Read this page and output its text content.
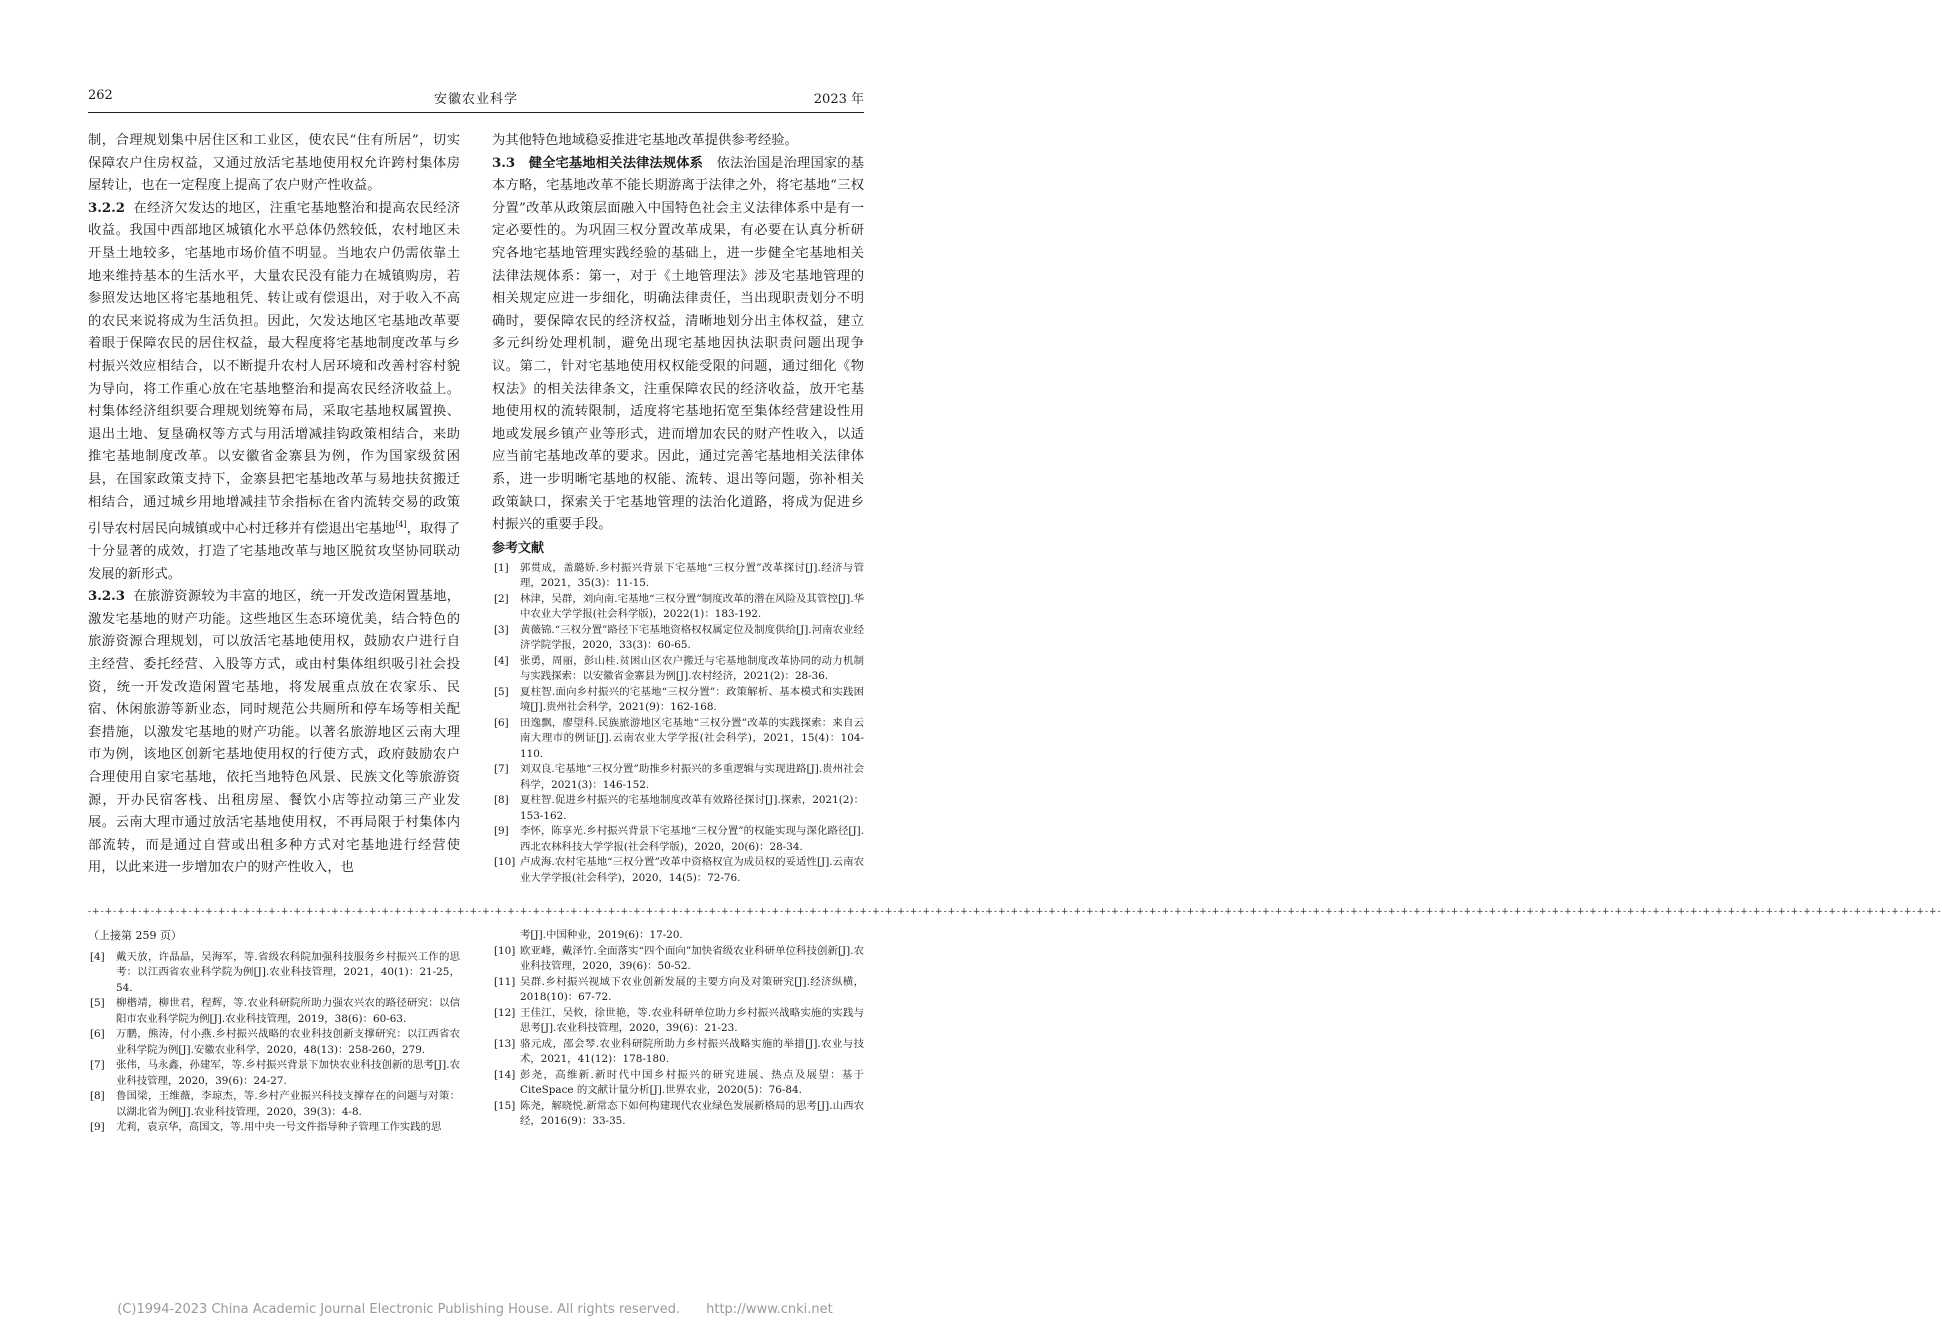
262	安徽农业科学	2023 年

制，合理规划集中居住区和工业区，使农民“住有所居”，切实保障农户住房权益，又通过放活宅基地使用权允许跨村集体房屋转让，也在一定程度上提高了农户财产性收益。

3.2.2 在经济欠发达的地区，注重宅基地整治和提高农民经济收益。我国中西部地区城镇化水平总体仍然较低，农村地区未开垦土地较多，宅基地市场价值不明显。当地农户仍需依靠土地来维持基本的生活水平，大量农民没有能力在城镇购房，若参照发达地区将宅基地租凭、转让或有偿退出，对于收入不高的农民来说将成为生活负担。因此，欠发达地区宅基地改革要着眼于保障农民的居住权益，最大程度将宅基地制度改革与乡村振兴效应相结合，以不断提升农村人居环境和改善村容村貌为导向，将工作重心放在宅基地整治和提高农民经济收益上。村集体经济组织要合理规划统筹布局，采取宅基地权属置换、退出土地、复垦确权等方式与用活增减挂钩政策相结合，来助推宅基地制度改革。以安徽省金寨县为例，作为国家级贫困县，在国家政策支持下，金寨县把宅基地改革与易地扶贫搬迁相结合，通过城乡用地增减挂节余指标在省内流转交易的政策引导农村居民向城镇或中心村迁移并有偿退出宅基地[4]，取得了十分显著的成效，打造了宅基地改革与地区脱贫攻坚协同联动发展的新形式。

3.2.3 在旅游资源较为丰富的地区，统一开发改造闲置基地，激发宅基地的财产功能。这些地区生态环境优美，结合特色的旅游资源合理规划，可以放活宅基地使用权，鼓励农户进行自主经营、委托经营、入股等方式，或由村集体组织吸引社会投资，统一开发改造闲置宅基地，将发展重点放在农家乐、民宿、休闲旅游等新业态，同时规范公共厕所和停车场等相关配套措施，以激发宅基地的财产功能。以著名旅游地区云南大理市为例，该地区创新宅基地使用权的行使方式，政府鼓励农户合理使用自家宅基地，依托当地特色风景、民族文化等旅游资源，开办民宿客栈、出租房屋、餐饮小店等拉动第三产业发展。云南大理市通过放活宅基地使用权，不再局限于村集体内部流转，而是通过自营或出租多种方式对宅基地进行经营使用，以此来进一步增加农户的财产性收入，也

为其他特色地域稳妥推进宅基地改革提供参考经验。

3.3　健全宅基地相关法律法规体系　依法治国是治理国家的基本方略，宅基地改革不能长期游离于法律之外，将宅基地“三权分置”改革从政策层面融入中国特色社会主义法律体系中是有一定必要性的。为巩固三权分置改革成果，有必要在认真分析研究各地宅基地管理实践经验的基础上，进一步健全宅基地相关法律法规体系：第一，对于《土地管理法》涉及宅基地管理的相关规定应进一步细化，明确法律责任，当出现职责划分不明确时，要保障农民的经济权益，清晰地划分出主体权益，建立多元纠纷处理机制，避免出现宅基地因执法职责问题出现争议。第二，针对宅基地使用权权能受限的问题，通过细化《物权法》的相关法律条文，注重保障农民的经济收益，放开宅基地使用权的流转限制，适度将宅基地拓宽至集体经营建设性用地或发展乡镇产业等形式，进而增加农民的财产性收入，以适应当前宅基地改革的要求。因此，通过完善宅基地相关法律体系，进一步明晰宅基地的权能、流转、退出等问题，弥补相关政策缺口，探索关于宅基地管理的法治化道路，将成为促进乡村振兴的重要手段。

参考文献
[1] 郭贯成，盖璐娇.乡村振兴背景下宅基地“三权分置”改革探讨[J].经济与管理，2021，35(3)：11-15.
[2] 林津，吴群，刘向南.宅基地“三权分置”制度改革的潜在风险及其管控[J].华中农业大学学报(社会科学版)，2022(1)：183-192.
[3] 黄薇锦.“三权分置”路径下宅基地资格权权属定位及制度供给[J].河南农业经济学院学报，2020，33(3)：60-65.
[4] 张勇，周丽，彭山桂.贫困山区农户搬迁与宅基地制度改革协同的动力机制与实践探索：以安徽省金寨县为例[J].农村经济，2021(2)：28-36.
[5] 夏柱智.面向乡村振兴的宅基地“三权分置”：政策解析、基本模式和实践困境[J].贵州社会科学，2021(9)：162-168.
[6] 田逸飘，廖望科.民族旅游地区宅基地“三权分置”改革的实践探索：来自云南大理市的例证[J].云南农业大学学报(社会科学)，2021，15(4)：104-110.
[7] 刘双良.宅基地“三权分置”助推乡村振兴的多重逻辑与实现进路[J].贵州社会科学，2021(3)：146-152.
[8] 夏柱智.促进乡村振兴的宅基地制度改革有效路径探讨[J].探索，2021(2)：153-162.
[9] 李怀，陈享光.乡村振兴背景下宅基地“三权分置”的权能实现与深化路径[J].西北农林科技大学学报(社会科学版)，2020，20(6)：28-34.
[10] 卢成海.农村宅基地“三权分置”改革中资格权宜为成员权的妥适性[J].云南农业大学学报(社会科学)，2020，14(5)：72-76.
-+-+-+-+-+-+-+-+-+-+-+-+-+-+-+-+-+-+-+-+-+-+-+-+-+-+-+-+-+-+-+-+-+-+-+-+-+-+-+-+-+-+-+-+-+-+-+-+-+-+-+-+-+-+-+-+-+-+-+-+-+-+-+-+-+-+-+-+-+-+-+-+-+-+-+-+-+-+-+-+-+-+-+-+-+-+-+-+-+-+-+-+-+-+-+-+-+-+-+-+-+-+-+-+-+-+-+-+-+-+-+-+-+-+-+-+-+-+-+-+-+-+-+-+-+-+-+-+-+-+-+-+-+-+-+-+-+-+-+-+-+-+-+-+-+-+-+-
（上接第 259 页）
[4] 戴天放，许晶晶，吴海军，等.省级农科院加强科技服务乡村振兴工作的思考：以江西省农业科学院为例[J].农业科技管理，2021，40(1)：21-25，54.
[5] 柳楷靖，柳世君，程辉，等.农业科研院所助力强农兴农的路径研究：以信阳市农业科学院为例[J].农业科技管理，2019，38(6)：60-63.
[6] 万鹏，熊涛，付小燕.乡村振兴战略的农业科技创新支撑研究：以江西省农业科学院为例[J].安徽农业科学，2020，48(13)：258-260，279.
[7] 张伟，马永鑫，孙建军，等.乡村振兴背景下加快农业科技创新的思考[J].农业科技管理，2020，39(6)：24-27.
[8] 鲁国梁，王维薇，李琼杰，等.乡村产业振兴科技支撑存在的问题与对策：以湖北省为例[J].农业科技管理，2020，39(3)：4-8.
[9] 尤莉，袁京华，高国文，等.用中央一号文件指导种子管理工作实践的思
考[J].中国种业，2019(6)：17-20.
[10] 欧亚峰，戴泽竹.全面落实“四个面向”加快省级农业科研单位科技创新[J].农业科技管理，2020，39(6)：50-52.
[11] 吴群.乡村振兴视域下农业创新发展的主要方向及对策研究[J].经济纵横，2018(10)：67-72.
[12] 王佳江，吴攸，徐世艳，等.农业科研单位助力乡村振兴战略实施的实践与思考[J].农业科技管理，2020，39(6)：21-23.
[13] 骆元成，邵会琴.农业科研院所助力乡村振兴战略实施的举措[J].农业与技术，2021，41(12)：178-180.
[14] 彭尧，高维新.新时代中国乡村振兴的研究进展、热点及展望：基于CiteSpace 的文献计量分析[J].世界农业，2020(5)：76-84.
[15] 陈尧，解晓悦.新常态下如何构建现代农业绿色发展新格局的思考[J].山西农经，2016(9)：33-35.
(C)1994-2023 China Academic Journal Electronic Publishing House. All rights reserved.　　http://www.cnki.net
